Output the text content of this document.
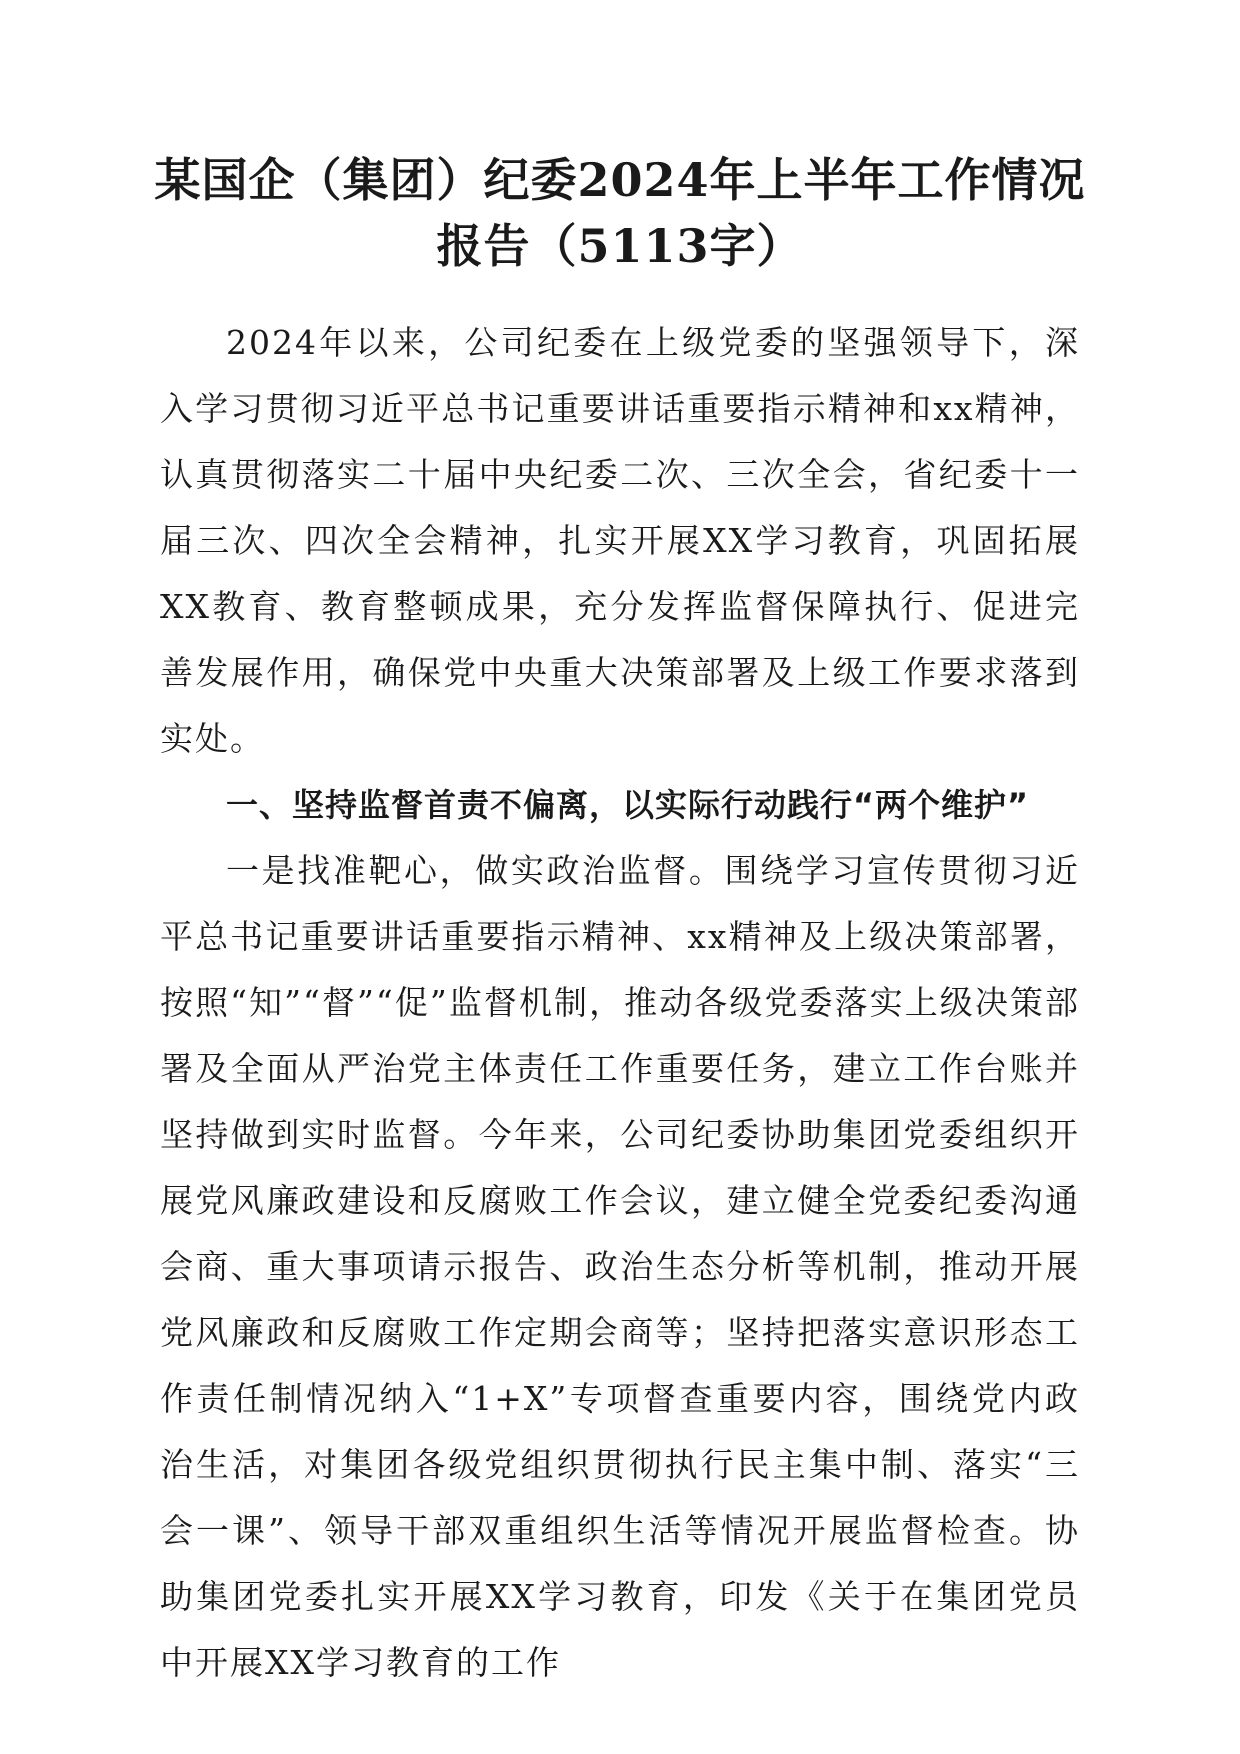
某国企（集团）纪委2024年上半年工作情况
报告（5113字）

2024年以来，公司纪委在上级党委的坚强领导下，深入学习贯彻习近平总书记重要讲话重要指示精神和xx精神，认真贯彻落实二十届中央纪委二次、三次全会，省纪委十一届三次、四次全会精神，扎实开展XX学习教育，巩固拓展XX教育、教育整顿成果，充分发挥监督保障执行、促进完善发展作用，确保党中央重大决策部署及上级工作要求落到实处。

一、坚持监督首责不偏离，以实际行动践行“两个维护”

一是找准靶心，做实政治监督。围绕学习宣传贯彻习近平总书记重要讲话重要指示精神、xx精神及上级决策部署，按照“知”“督”“促”监督机制，推动各级党委落实上级决策部署及全面从严治党主体责任工作重要任务，建立工作台账并坚持做到实时监督。今年来，公司纪委协助集团党委组织开展党风廉政建设和反腐败工作会议，建立健全党委纪委沟通会商、重大事项请示报告、政治生态分析等机制，推动开展党风廉政和反腐败工作定期会商等；坚持把落实意识形态工作责任制情况纳入“1+X”专项督查重要内容，围绕党内政治生活，对集团各级党组织贯彻执行民主集中制、落实“三会一课”、领导干部双重组织生活等情况开展监督检查。协助集团党委扎实开展XX学习教育，印发《关于在集团党员中开展XX学习教育的工作
